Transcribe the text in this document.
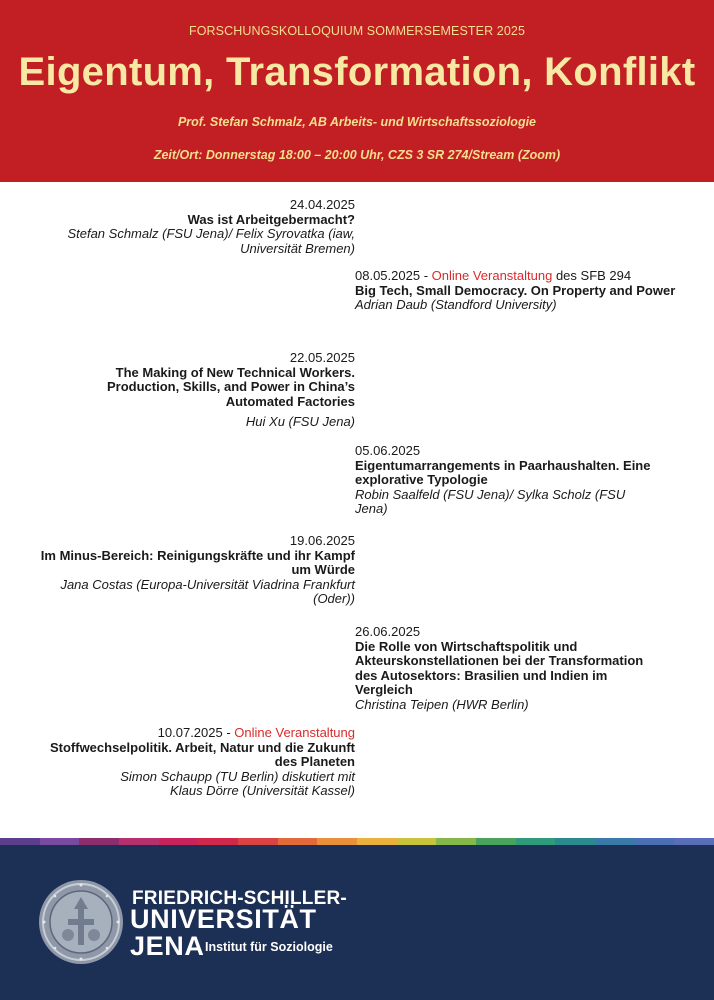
FORSCHUNGSKOLLOQUIUM SOMMERSEMESTER 2025
Eigentum, Transformation, Konflikt
Prof. Stefan Schmalz, AB Arbeits- und Wirtschaftssoziologie
Zeit/Ort: Donnerstag 18:00 – 20:00 Uhr, CZS 3 SR 274/Stream (Zoom)
24.04.2025
Was ist Arbeitgebermacht?
Stefan Schmalz (FSU Jena)/ Felix Syrovatka (iaw, Universität Bremen)
08.05.2025 - Online Veranstaltung des SFB 294
Big Tech, Small Democracy. On Property and Power
Adrian Daub (Standford University)
22.05.2025
The Making of New Technical Workers. Production, Skills, and Power in China’s Automated Factories
Hui Xu (FSU Jena)
05.06.2025
Eigentumarrangements in Paarhaushalten. Eine explorative Typologie
Robin Saalfeld (FSU Jena)/ Sylka Scholz (FSU Jena)
19.06.2025
Im Minus-Bereich: Reinigungskräfte und ihr Kampf um Würde
Jana Costas (Europa-Universität Viadrina Frankfurt (Oder))
26.06.2025
Die Rolle von Wirtschaftspolitik und Akteurskonstellationen bei der Transformation des Autosektors: Brasilien und Indien im Vergleich
Christina Teipen (HWR Berlin)
10.07.2025 - Online Veranstaltung
Stoffwechselpolitik. Arbeit, Natur und die Zukunft des Planeten
Simon Schaupp (TU Berlin) diskutiert mit Klaus Dörre (Universität Kassel)
FRIEDRICH-SCHILLER-
UNIVERSITÄT
JENA Institut für Soziologie
